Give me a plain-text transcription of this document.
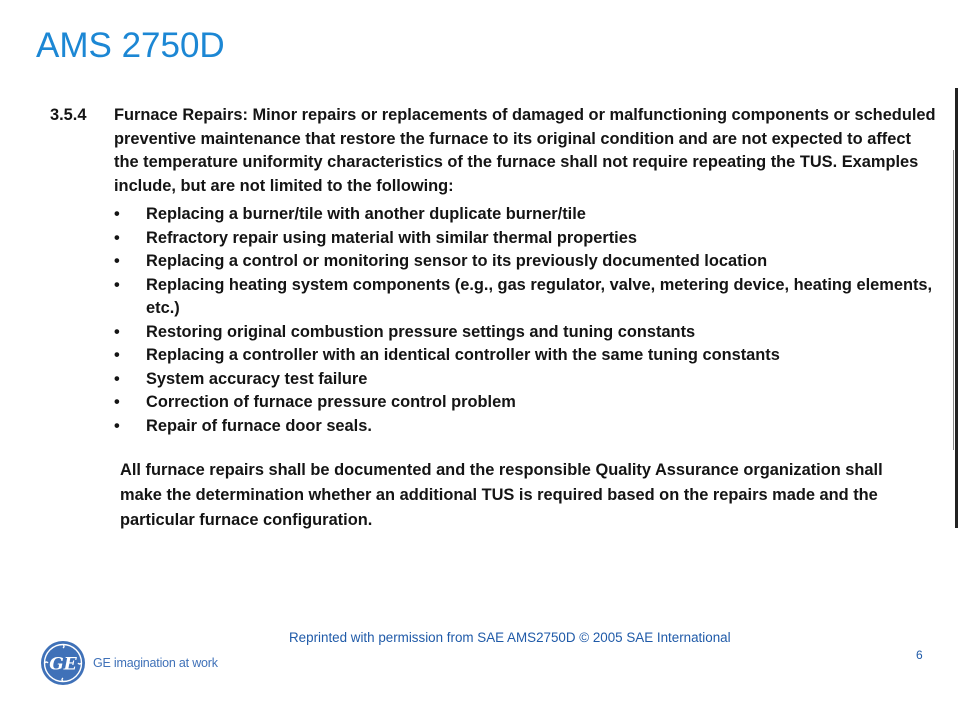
AMS 2750D
3.5.4	Furnace Repairs: Minor repairs or replacements of damaged or malfunctioning components or scheduled preventive maintenance that restore the furnace to its original condition and are not expected to affect the temperature uniformity characteristics of the furnace shall not require repeating the TUS. Examples include, but are not limited to the following:
• Replacing a burner/tile with another duplicate burner/tile
• Refractory repair using material with similar thermal properties
• Replacing a control or monitoring sensor to its previously documented location
• Replacing heating system components (e.g., gas regulator, valve, metering device, heating elements, etc.)
• Restoring original combustion pressure settings and tuning constants
• Replacing a controller with an identical controller with the same tuning constants
• System accuracy test failure
• Correction of furnace pressure control problem
• Repair of furnace door seals.
All furnace repairs shall be documented and the responsible Quality Assurance organization shall make the determination whether an additional TUS is required based on the repairs made and the particular furnace configuration.
Reprinted with permission from SAE AMS2750D © 2005 SAE International
6
GE GE imagination at work
